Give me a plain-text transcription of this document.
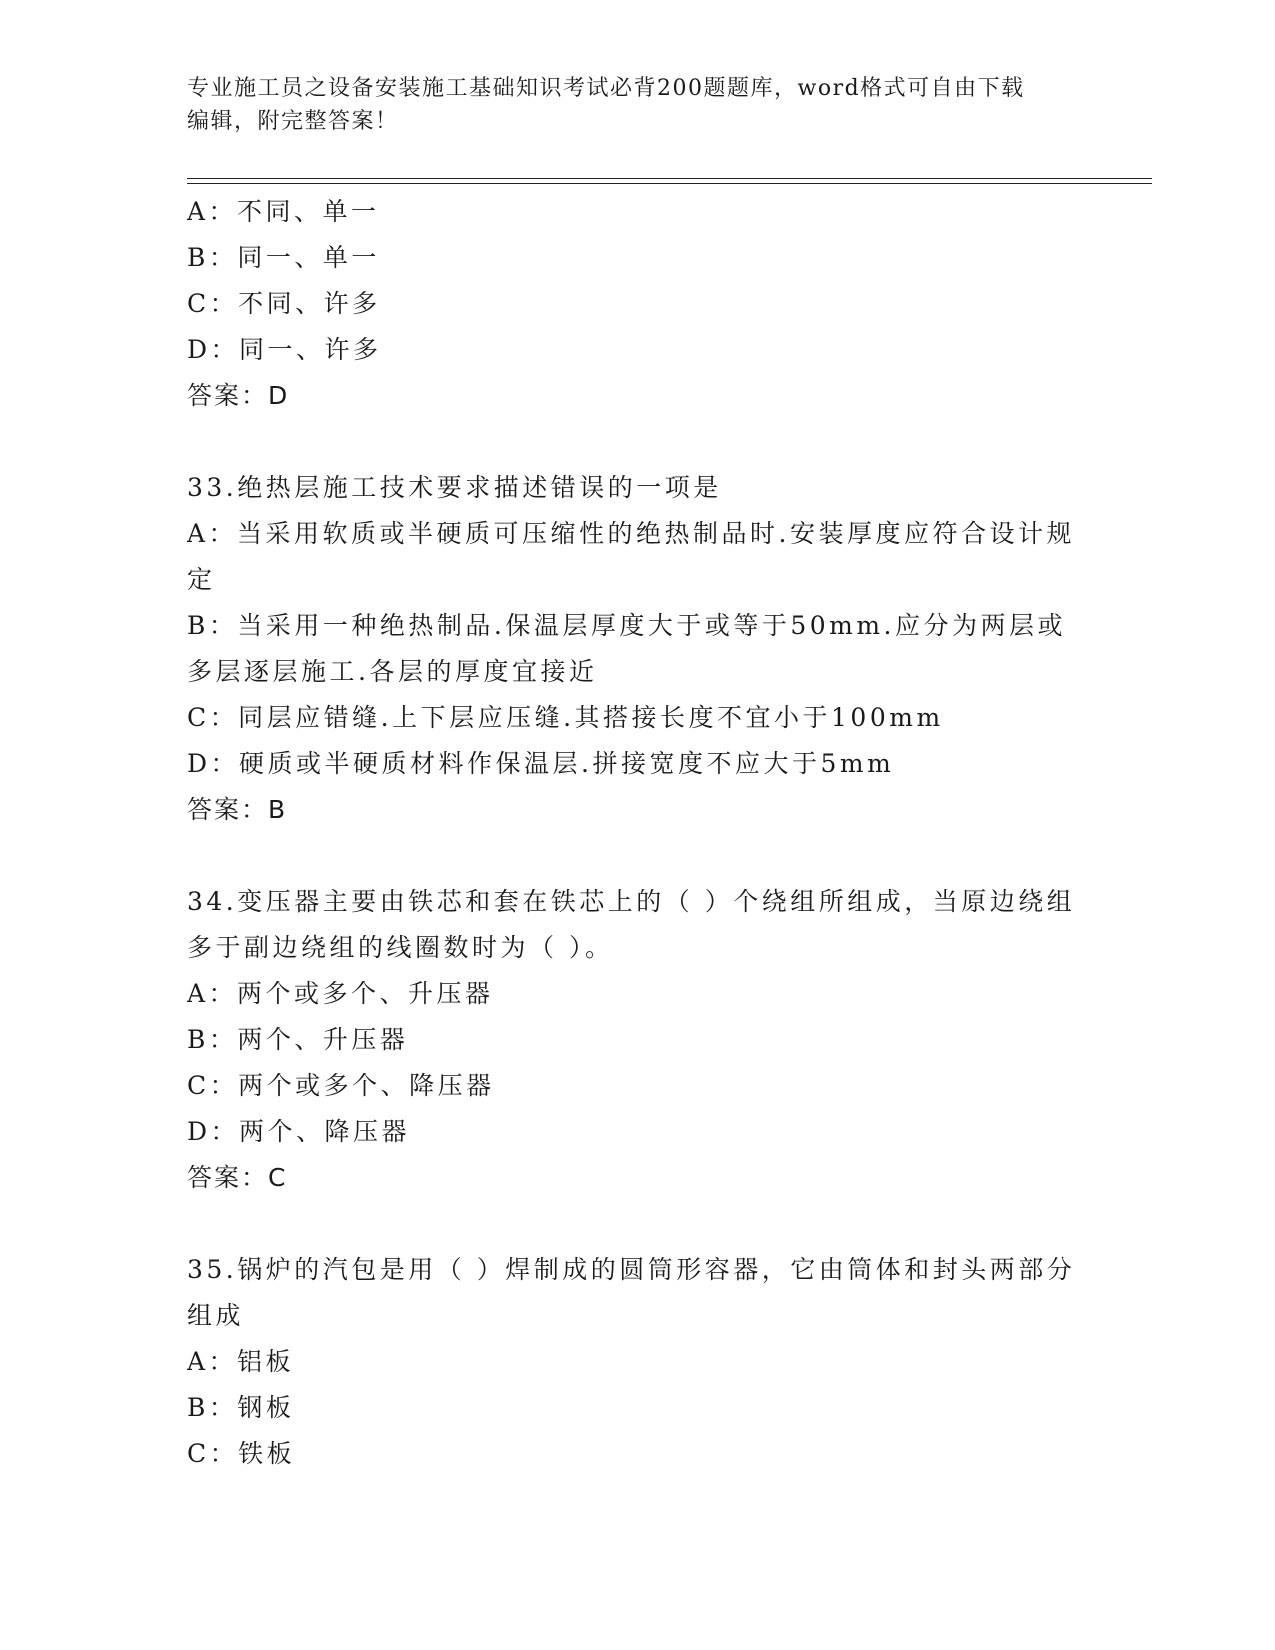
专业施工员之设备安装施工基础知识考试必背200题题库，word格式可自由下载
编辑，附完整答案！
A：不同、单一
B：同一、单一
C：不同、许多
D：同一、许多
答案：D
33.绝热层施工技术要求描述错误的一项是
A：当采用软质或半硬质可压缩性的绝热制品时.安装厚度应符合设计规定
B：当采用一种绝热制品.保温层厚度大于或等于50mm.应分为两层或多层逐层施工.各层的厚度宜接近
C：同层应错缝.上下层应压缝.其搭接长度不宜小于100mm
D：硬质或半硬质材料作保温层.拼接宽度不应大于5mm
答案：B
34.变压器主要由铁芯和套在铁芯上的（ ）个绕组所组成，当原边绕组多于副边绕组的线圈数时为（ ）。
A：两个或多个、升压器
B：两个、升压器
C：两个或多个、降压器
D：两个、降压器
答案：C
35.锅炉的汽包是用（ ）焊制成的圆筒形容器，它由筒体和封头两部分组成
A：铝板
B：钢板
C：铁板
